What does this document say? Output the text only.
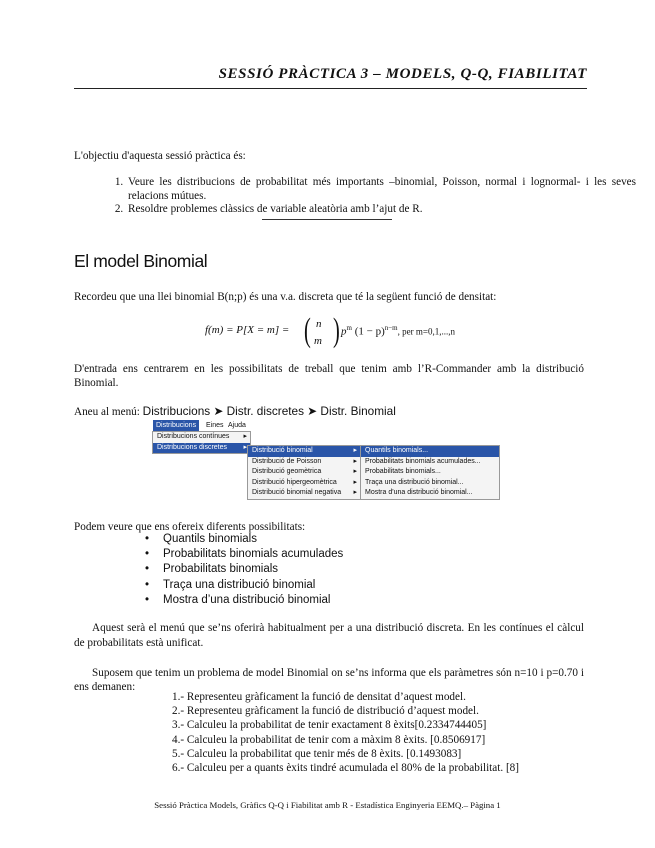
SESSIÓ PRÀCTICA 3 – MODELS, Q-Q, FIABILITAT
L'objectiu d'aquesta sessió pràctica és:
1. Veure les distribucions de probabilitat més importants –binomial, Poisson, normal i lognormal- i les seves relacions mútues.
2. Resoldre problemes clàssics de variable aleatòria amb l’ajut de R.
El model Binomial
Recordeu que una llei binomial B(n;p) és una v.a. discreta que té la següent funció de densitat:
f(m) = P[X = m] = ( n
m ) $p^m$ $(1 - p)^{n-m}$, per m=0,1,...,n
D'entrada ens centrarem en les possibilitats de treball que tenim amb l’R-Commander amb la distribució Binomial.
Aneu al menú: Distribucions ➤ Distr. discretes ➤ Distr. Binomial
Distribucions	Eines Ajuda
Distribucions contínues ▸
Distribucions discretes ▸ Distribució binomial	▸
Distribució de Poisson	▸
Distribució geomètrica	▸
Distribució hipergeomètrica ▸
Distribució binomial negativa ▸
Quantils binomials...
Probabilitats binomials acumulades...
Probabilitats binomials...
Traça una distribució binomial...
Mostra d'una distribució binomial...
Podem veure que ens ofereix diferents possibilitats:
• Quantils binomials
• Probabilitats binomials acumulades
• Probabilitats binomials
• Traça una distribució binomial
• Mostra d’una distribució binomial
Aquest serà el menú que se’ns oferirà habitualment per a una distribució discreta. En les contínues el càlcul de probabilitats està unificat.
Suposem que tenim un problema de model Binomial on se’ns informa que els paràmetres són n=10 i p=0.70 i ens demanen:
1.- Representeu gràficament la funció de densitat d’aquest model.
2.- Representeu gràficament la funció de distribució d’aquest model.
3.- Calculeu la probabilitat de tenir exactament 8 èxits[0.2334744405]
4.- Calculeu la probabilitat de tenir com a màxim 8 èxits. [0.8506917]
5.- Calculeu la probabilitat que tenir més de 8 èxits. [0.1493083]
6.- Calculeu per a quants èxits tindré acumulada el 80% de la probabilitat. [8]
Sessió Pràctica Models, Gràfics Q-Q i Fiabilitat amb R - Estadística Enginyeria EEMQ.– Pàgina 1
